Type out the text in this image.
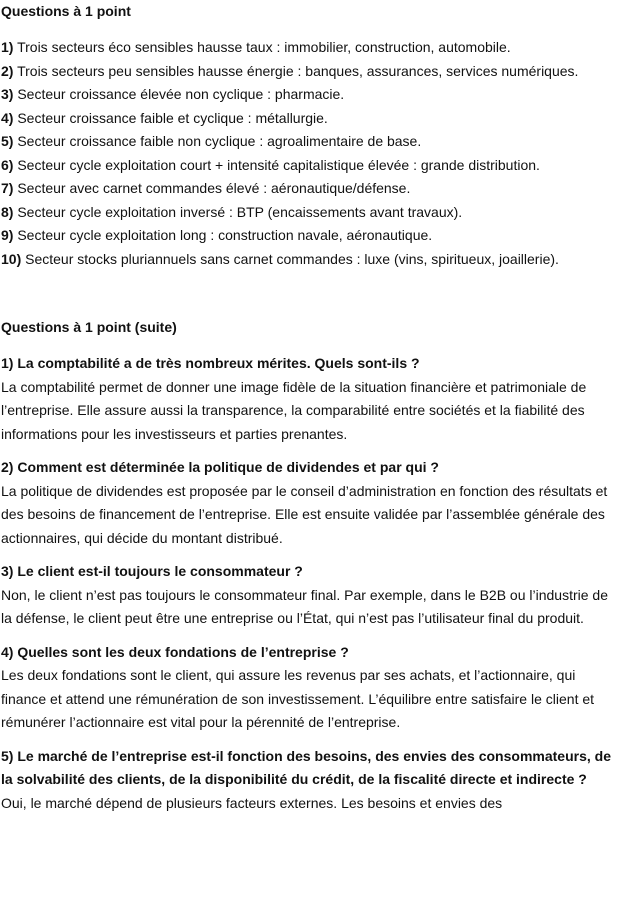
Questions à 1 point

1) Trois secteurs éco sensibles hausse taux : immobilier, construction, automobile.

2) Trois secteurs peu sensibles hausse énergie : banques, assurances, services numériques.

3) Secteur croissance élevée non cyclique : pharmacie.

4) Secteur croissance faible et cyclique : métallurgie.

5) Secteur croissance faible non cyclique : agroalimentaire de base.

6) Secteur cycle exploitation court + intensité capitalistique élevée : grande distribution.

7) Secteur avec carnet commandes élevé : aéronautique/défense.

8) Secteur cycle exploitation inversé : BTP (encaissements avant travaux).

9) Secteur cycle exploitation long : construction navale, aéronautique.

10) Secteur stocks pluriannuels sans carnet commandes : luxe (vins, spiritueux, joaillerie).

Questions à 1 point (suite)

1) La comptabilité a de très nombreux mérites. Quels sont-ils ?

La comptabilité permet de donner une image fidèle de la situation financière et patrimoniale de l’entreprise. Elle assure aussi la transparence, la comparabilité entre sociétés et la fiabilité des informations pour les investisseurs et parties prenantes.

2) Comment est déterminée la politique de dividendes et par qui ?

La politique de dividendes est proposée par le conseil d’administration en fonction des résultats et des besoins de financement de l’entreprise. Elle est ensuite validée par l’assemblée générale des actionnaires, qui décide du montant distribué.

3) Le client est-il toujours le consommateur ?

Non, le client n’est pas toujours le consommateur final. Par exemple, dans le B2B ou l’industrie de la défense, le client peut être une entreprise ou l’État, qui n’est pas l’utilisateur final du produit.

4) Quelles sont les deux fondations de l’entreprise ?

Les deux fondations sont le client, qui assure les revenus par ses achats, et l’actionnaire, qui finance et attend une rémunération de son investissement. L’équilibre entre satisfaire le client et rémunérer l’actionnaire est vital pour la pérennité de l’entreprise.

5) Le marché de l’entreprise est-il fonction des besoins, des envies des consommateurs, de la solvabilité des clients, de la disponibilité du crédit, de la fiscalité directe et indirecte ?

Oui, le marché dépend de plusieurs facteurs externes. Les besoins et envies des
